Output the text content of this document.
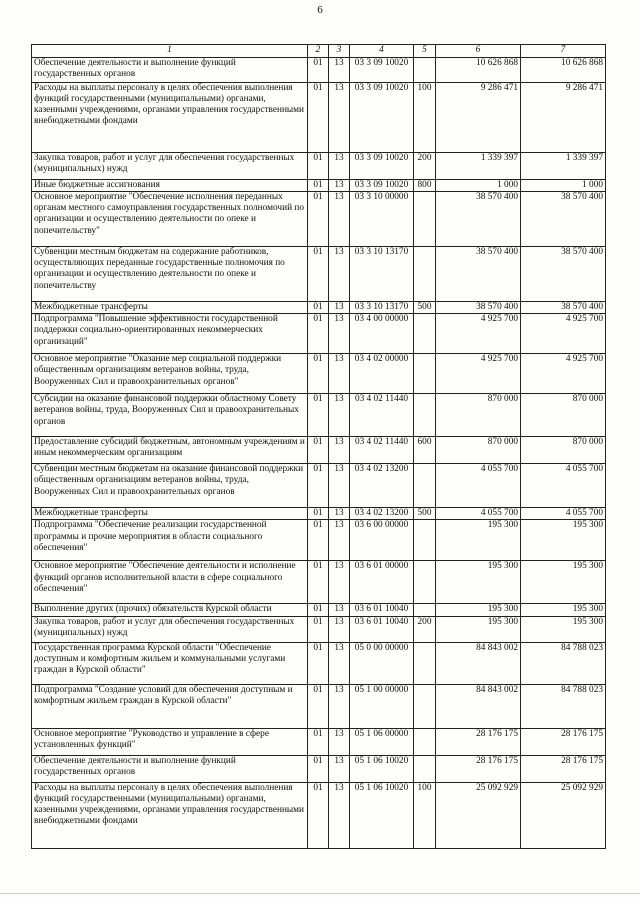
6
1	2	3	4	5	6	7
Обеспечение деятельности и выполнение функций государственных органов	01	13	03 3 09 10020		10 626 868	10 626 868
Расходы на выплаты персоналу в целях обеспечения выполнения функций государственными (муниципальными) органами, казенными учреждениями, органами управления государственными внебюджетными фондами	01	13	03 3 09 10020	100	9 286 471	9 286 471
Закупка товаров, работ и услуг для обеспечения государственных (муниципальных) нужд	01	13	03 3 09 10020	200	1 339 397	1 339 397
Иные бюджетные ассигнования	01	13	03 3 09 10020	800	1 000	1 000
Основное мероприятие "Обеспечение исполнения переданных органам местного самоуправления государственных полномочий по организации и осуществлению деятельности по опеке и попечительству"	01	13	03 3 10 00000		38 570 400	38 570 400
Субвенции местным бюджетам на содержание работников, осуществляющих переданные государственные полномочия по организации и осуществлению деятельности по опеке и попечительству	01	13	03 3 10 13170		38 570 400	38 570 400
Межбюджетные трансферты	01	13	03 3 10 13170	500	38 570 400	38 570 400
Подпрограмма "Повышение эффективности государственной поддержки социально-ориентированных некоммерческих организаций"	01	13	03 4 00 00000		4 925 700	4 925 700
Основное мероприятие "Оказание мер социальной поддержки общественным организациям ветеранов войны, труда, Вооруженных Сил и правоохранительных органов"	01	13	03 4 02 00000		4 925 700	4 925 700
Субсидии на оказание финансовой поддержки областному Совету ветеранов войны, труда, Вооруженных Сил и правоохранительных органов	01	13	03 4 02 11440		870 000	870 000
Предоставление субсидий бюджетным, автономным учреждениям и иным некоммерческим организациям	01	13	03 4 02 11440	600	870 000	870 000
Субвенции местным бюджетам на оказание финансовой поддержки общественным организациям ветеранов войны, труда, Вооруженных Сил и правоохранительных органов	01	13	03 4 02 13200		4 055 700	4 055 700
Межбюджетные трансферты	01	13	03 4 02 13200	500	4 055 700	4 055 700
Подпрограмма "Обеспечение реализации государственной программы и прочие мероприятия в области социального обеспечения"	01	13	03 6 00 00000		195 300	195 300
Основное мероприятие "Обеспечение деятельности и исполнение функций органов исполнительной власти в сфере социального обеспечения"	01	13	03 6 01 00000		195 300	195 300
Выполнение других (прочих) обязательств Курской области	01	13	03 6 01 10040		195 300	195 300
Закупка товаров, работ и услуг для обеспечения государственных (муниципальных) нужд	01	13	03 6 01 10040	200	195 300	195 300
Государственная программа Курской области "Обеспечение доступным и комфортным жильем и коммунальными услугами граждан в Курской области"	01	13	05 0 00 00000		84 843 002	84 788 023
Подпрограмма "Создание условий для обеспечения доступным и комфортным жильем граждан в Курской области"	01	13	05 1 00 00000		84 843 002	84 788 023
Основное мероприятие "Руководство и управление в сфере установленных функций"	01	13	05 1 06 00000		28 176 175	28 176 175
Обеспечение деятельности и выполнение функций государственных органов	01	13	05 1 06 10020		28 176 175	28 176 175
Расходы на выплаты персоналу в целях обеспечения выполнения функций государственными (муниципальными) органами, казенными учреждениями, органами управления государственными внебюджетными фондами	01	13	05 1 06 10020	100	25 092 929	25 092 929
